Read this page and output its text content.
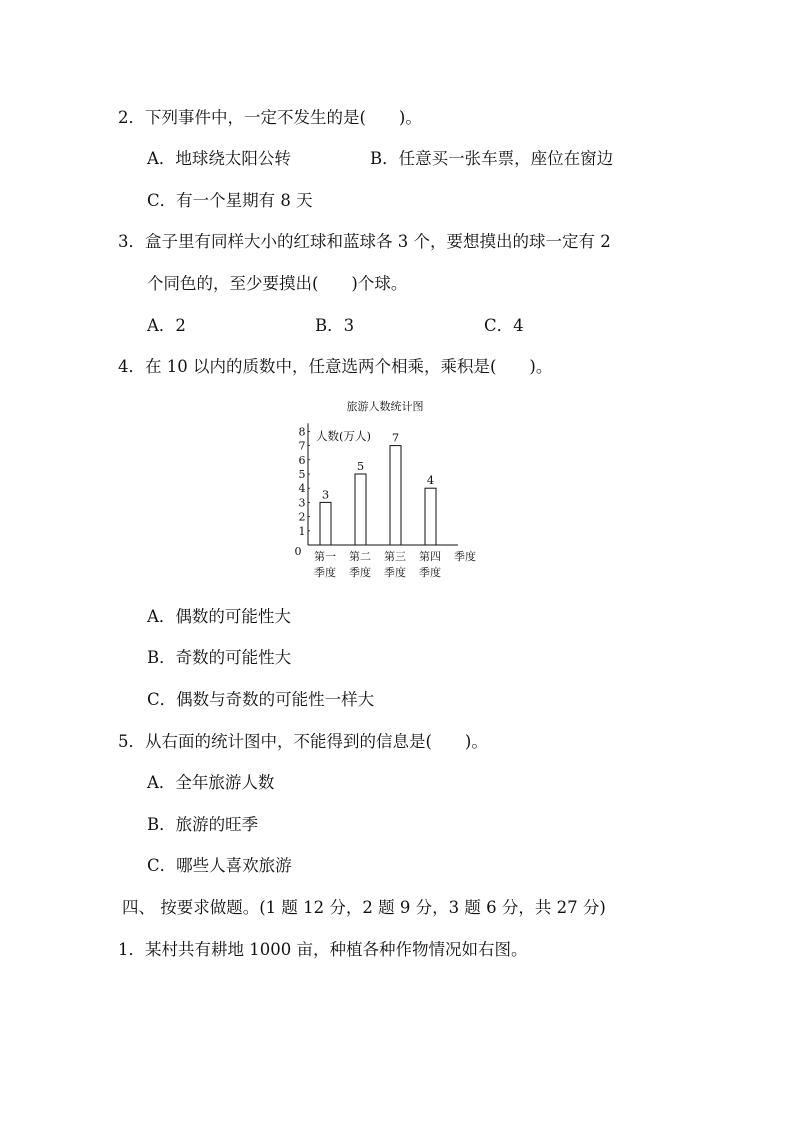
2．下列事件中，一定不发生的是(　　)。
A．地球绕太阳公转	B．任意买一张车票，座位在窗边
C．有一个星期有 8 天
3．盒子里有同样大小的红球和蓝球各 3 个，要想摸出的球一定有 2
个同色的，至少要摸出(　　)个球。
A．2	B．3	C．4
4．在 10 以内的质数中，任意选两个相乘，乘积是(　　)。
旅游人数统计图
0
1
2
3
4
5
6
7
8 人数(万人)
3
第一
季度
5
第二
季度
7
第三
季度
4
第四
季度
季度
A．偶数的可能性大
B．奇数的可能性大
C．偶数与奇数的可能性一样大
5．从右面的统计图中，不能得到的信息是(　　)。
A．全年旅游人数
B．旅游的旺季
C．哪些人喜欢旅游
四、 按要求做题。(1 题 12 分，2 题 9 分，3 题 6 分，共 27 分)
1．某村共有耕地 1000 亩，种植各种作物情况如右图。
